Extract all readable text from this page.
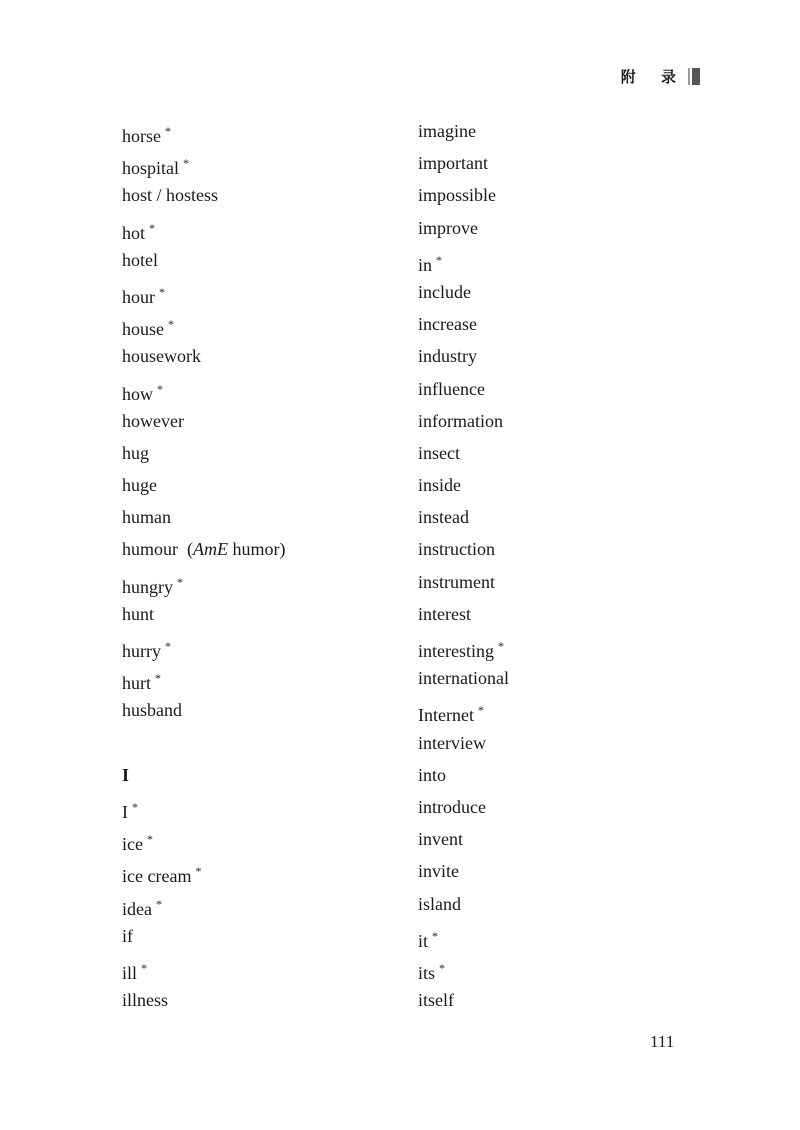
附 录
horse *
hospital *
host / hostess
hot *
hotel
hour *
house *
housework
how *
however
hug
huge
human
humour (AmE humor)
hungry *
hunt
hurry *
hurt *
husband
I
I *
ice *
ice cream *
idea *
if
ill *
illness
imagine
important
impossible
improve
in *
include
increase
industry
influence
information
insect
inside
instead
instruction
instrument
interest
interesting *
international
Internet *
interview
into
introduce
invent
invite
island
it *
its *
itself
111
